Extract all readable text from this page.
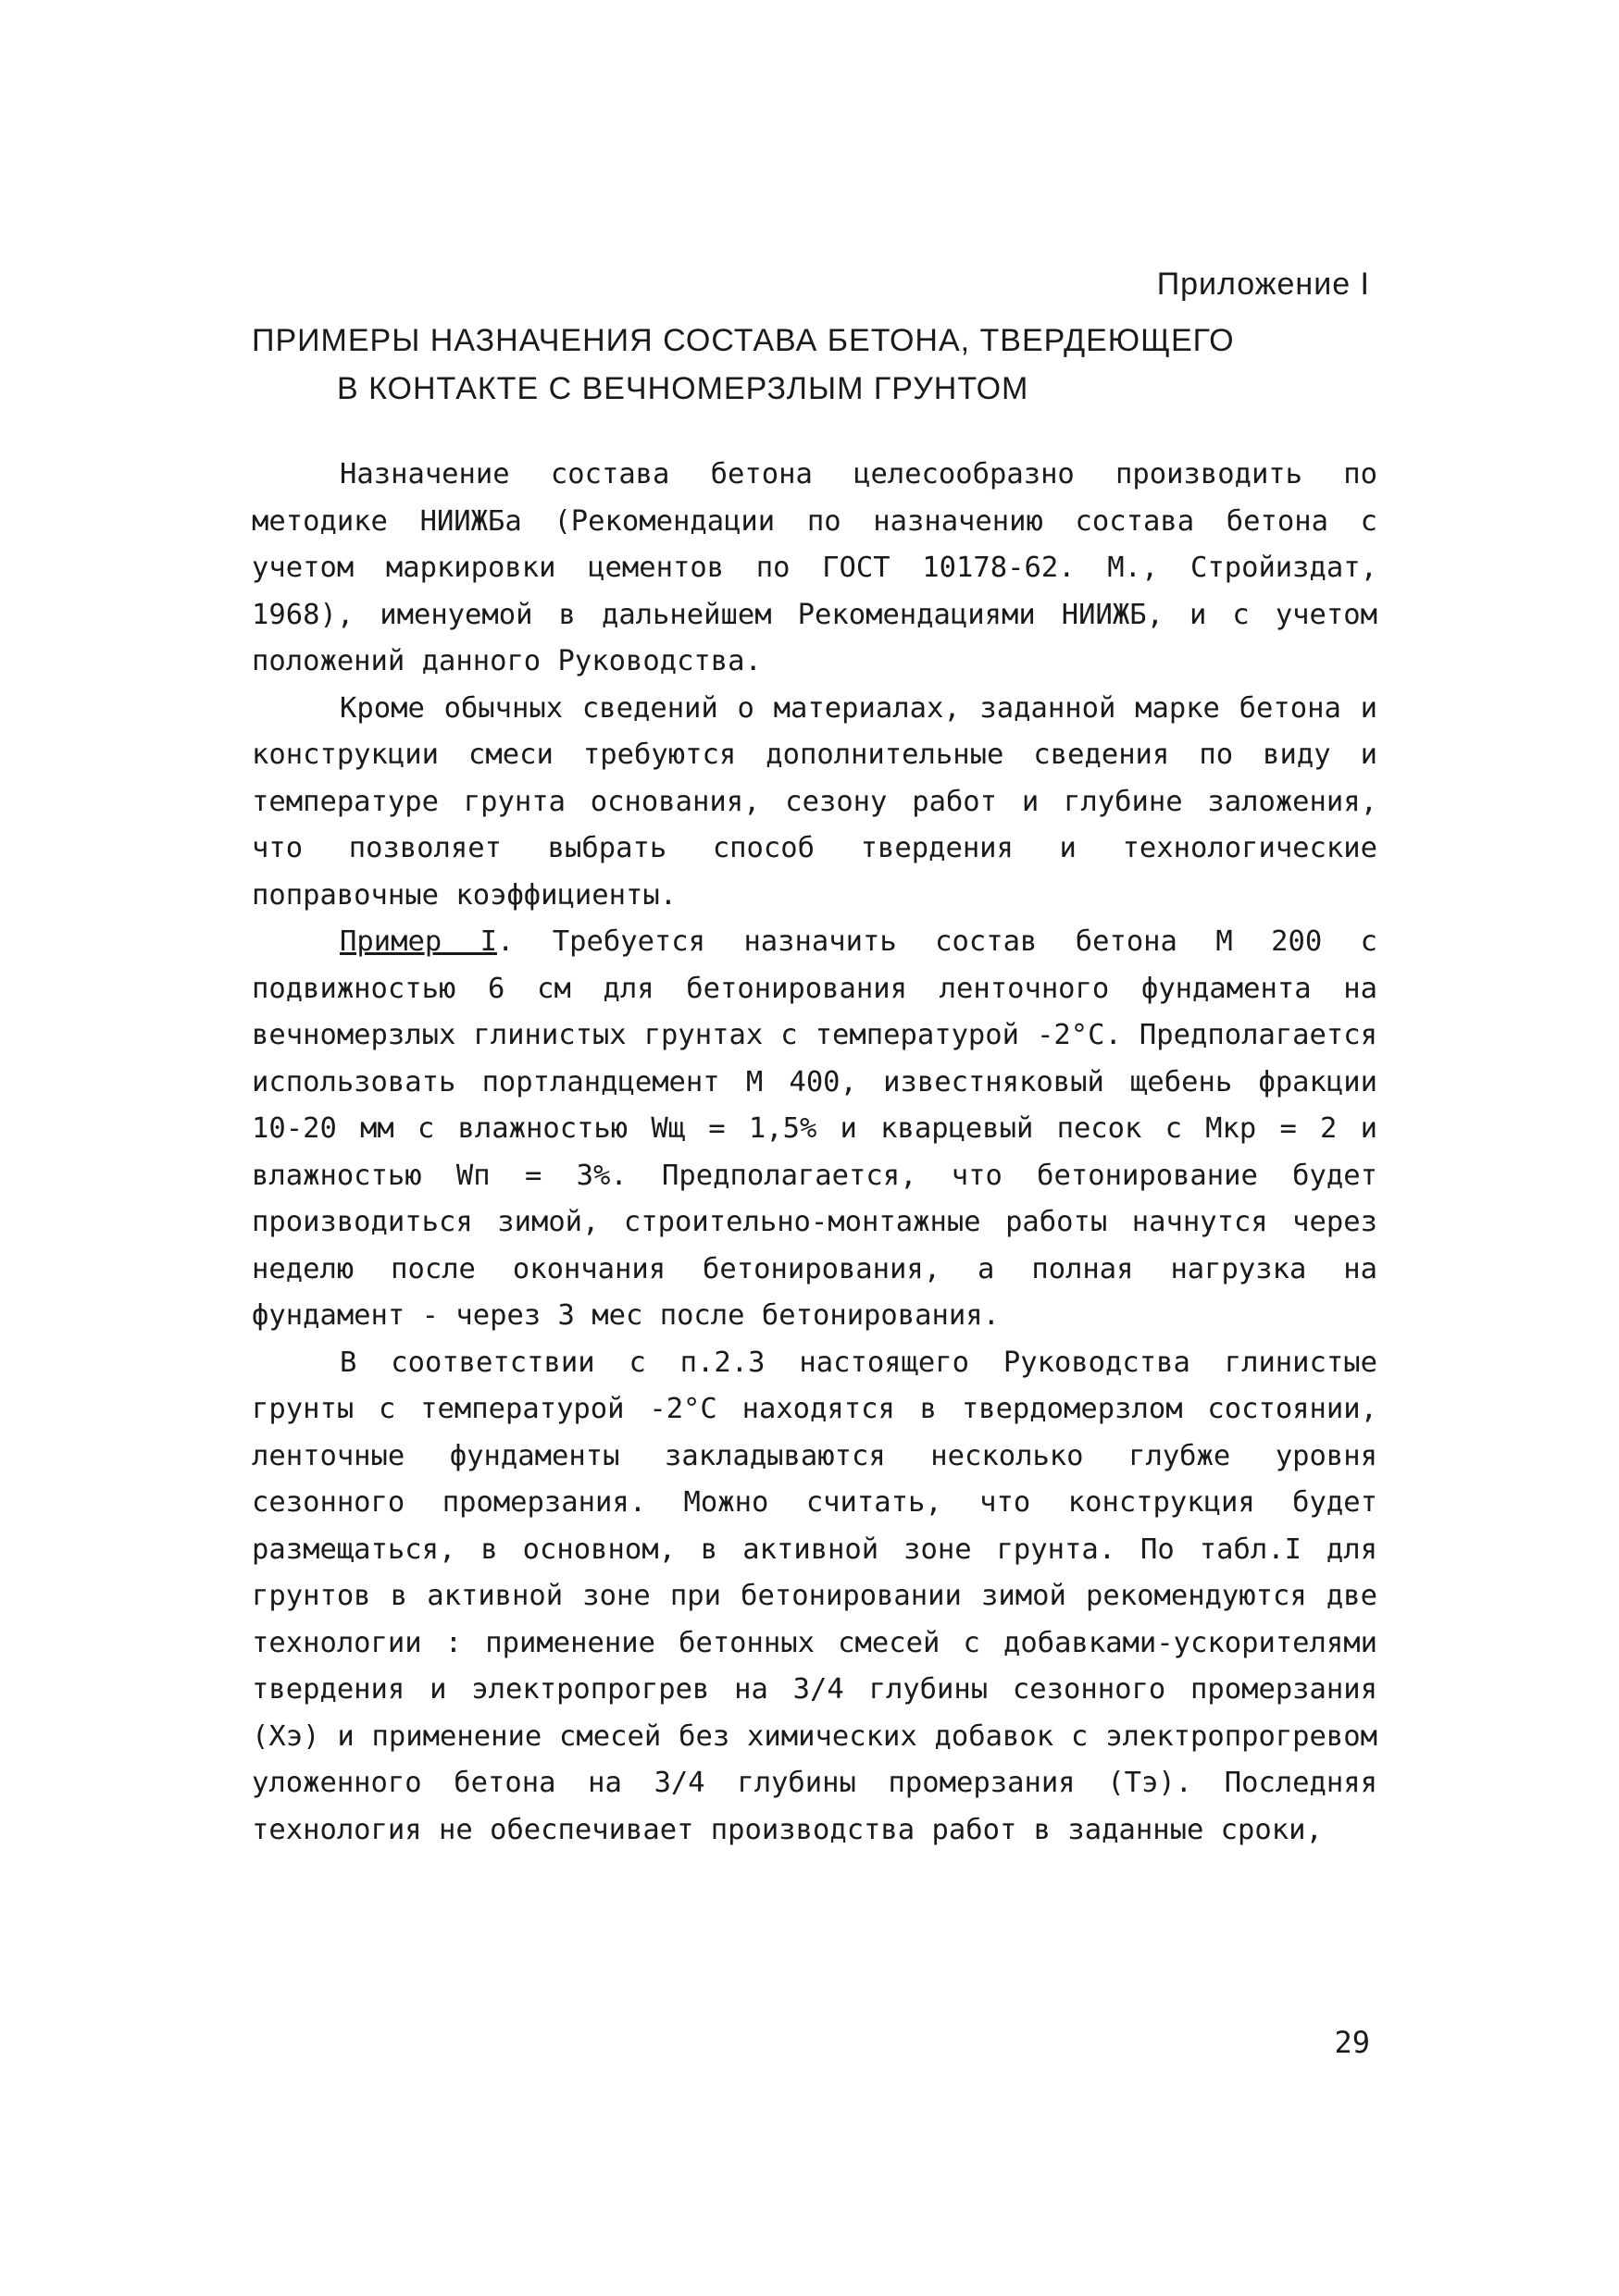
Приложение I
ПРИМЕРЫ НАЗНАЧЕНИЯ СОСТАВА БЕТОНА, ТВЕРДЕЮЩЕГО
В КОНТАКТЕ С ВЕЧНОМЕРЗЛЫМ ГРУНТОМ

Назначение состава бетона целесообразно производить по методике НИИЖБа (Рекомендации по назначению состава бетона с учетом маркировки цементов по ГОСТ 10178-62. М., Стройиздат, 1968), именуемой в дальнейшем Рекомендациями НИИЖБ, и с учетом положений данного Руководства.

Кроме обычных сведений о материалах, заданной марке бетона и конструкции смеси требуются дополнительные сведения по виду и температуре грунта основания, сезону работ и глубине заложения, что позволяет выбрать способ твердения и технологические поправочные коэффициенты.

Пример I. Требуется назначить состав бетона М 200 с подвижностью 6 см для бетонирования ленточного фундамента на вечномерзлых глинистых грунтах с температурой -2°С. Предполагается использовать портландцемент М 400, известняковый щебень фракции 10-20 мм с влажностью Wщ = 1,5% и кварцевый песок с Мкр = 2 и влажностью Wп = 3%. Предполагается, что бетонирование будет производиться зимой, строительно-монтажные работы начнутся через неделю после окончания бетонирования, а полная нагрузка на фундамент - через 3 мес после бетонирования.

В соответствии с п.2.3 настоящего Руководства глинистые грунты с температурой -2°С находятся в твердомерзлом состоянии, ленточные фундаменты закладываются несколько глубже уровня сезонного промерзания. Можно считать, что конструкция будет размещаться, в основном, в активной зоне грунта. По табл.I для грунтов в активной зоне при бетонировании зимой рекомендуются две технологии : применение бетонных смесей с добавками-ускорителями твердения и электропрогрев на 3/4 глубины сезонного промерзания (Хэ) и применение смесей без химических добавок с электропрогревом уложенного бетона на 3/4 глубины промерзания (Тэ). Последняя технология не обеспечивает производства работ в заданные сроки,

29
